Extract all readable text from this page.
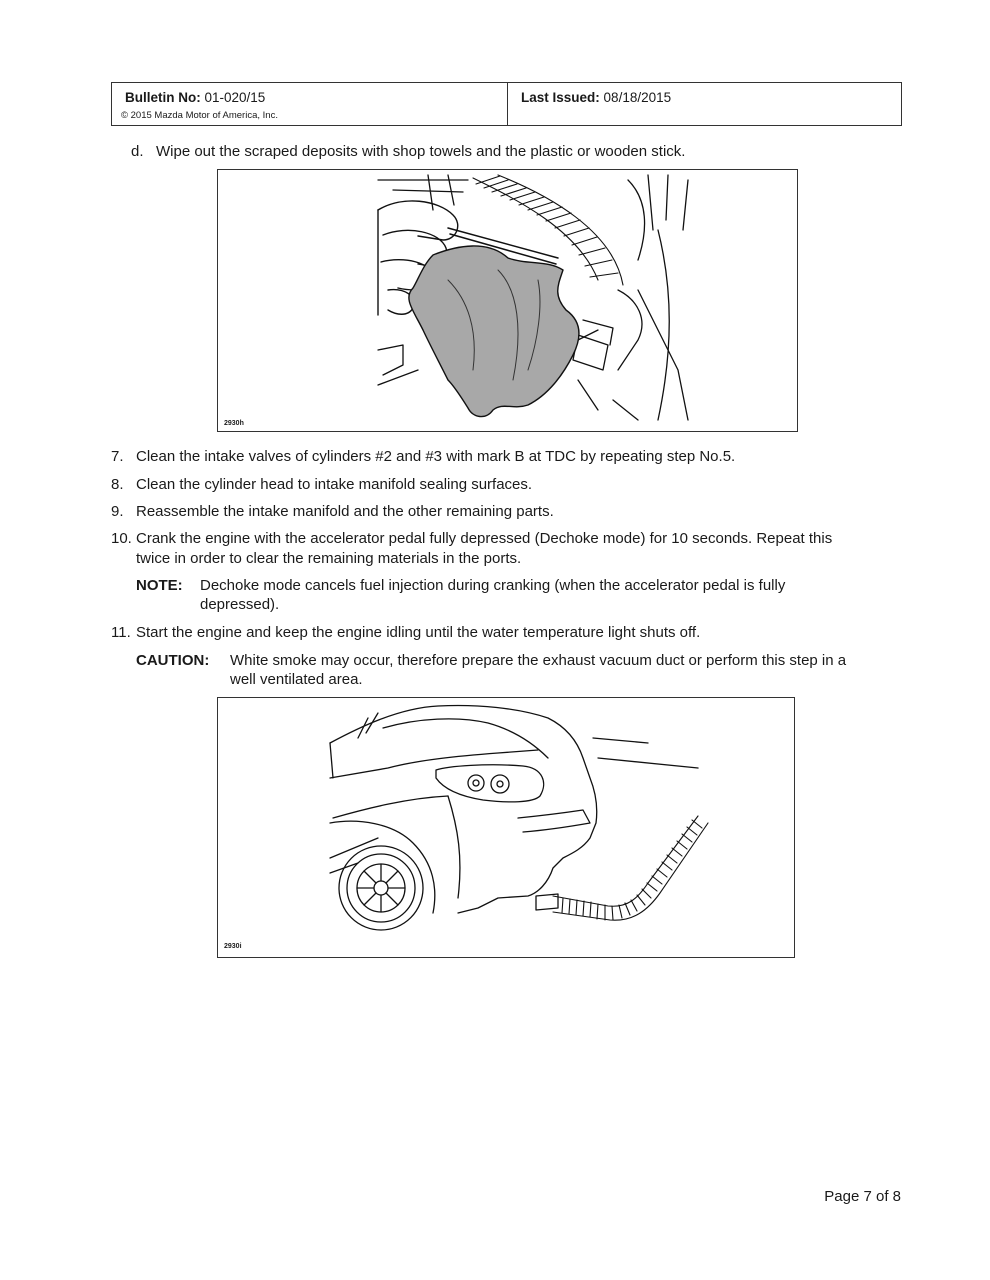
Bulletin No: 01-020/15
© 2015 Mazda Motor of America, Inc.
Last Issued: 08/18/2015
d. Wipe out the scraped deposits with shop towels and the plastic or wooden stick.
2930h
7. Clean the intake valves of cylinders #2 and #3 with mark B at TDC by repeating step No.5.
8. Clean the cylinder head to intake manifold sealing surfaces.
9. Reassemble the intake manifold and the other remaining parts.
10. Crank the engine with the accelerator pedal fully depressed (Dechoke mode) for 10 seconds. Repeat this
twice in order to clear the remaining materials in the ports.
NOTE: Dechoke mode cancels fuel injection during cranking (when the accelerator pedal is fully
depressed).
11. Start the engine and keep the engine idling until the water temperature light shuts off.
CAUTION: White smoke may occur, therefore prepare the exhaust vacuum duct or perform this step in a
well ventilated area.
2930i
Page 7 of 8
